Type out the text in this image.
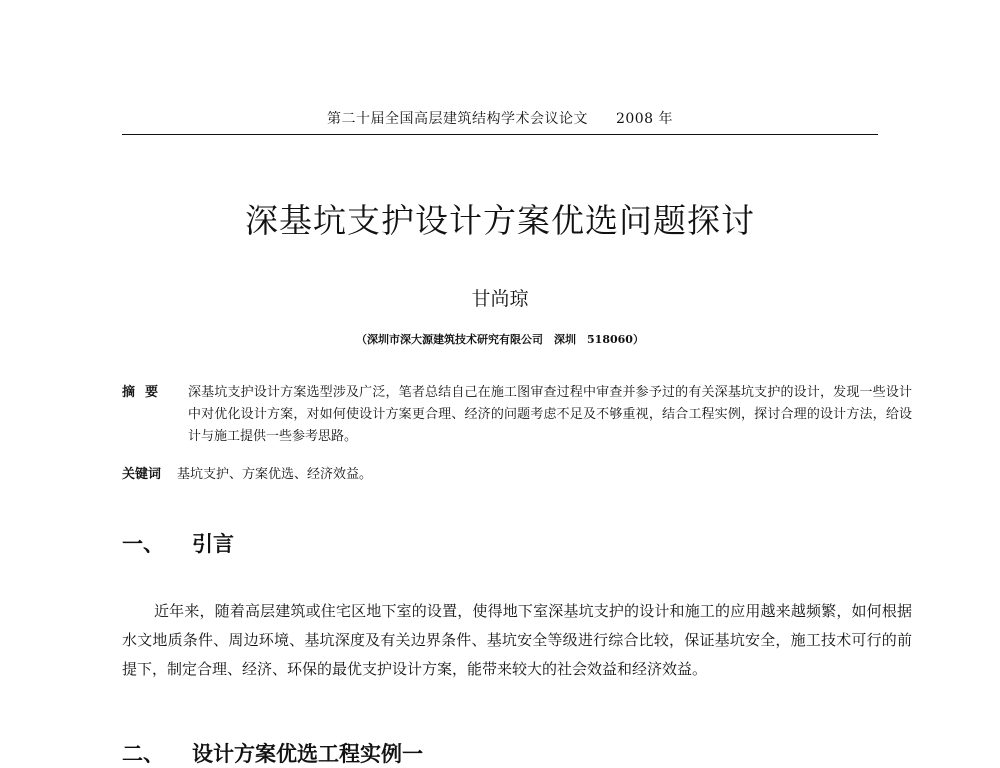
第二十届全国高层建筑结构学术会议论文 2008 年
深基坑支护设计方案优选问题探讨
甘尚琼
（深圳市深大源建筑技术研究有限公司　深圳　518060）
摘要 深基坑支护设计方案选型涉及广泛，笔者总结自己在施工图审查过程中审查并参予过的有关深基坑支护的设计，发现一些设计中对优化设计方案，对如何使设计方案更合理、经济的问题考虑不足及不够重视，结合工程实例，探讨合理的设计方法，给设计与施工提供一些参考思路。
关键词 基坑支护、方案优选、经济效益。
一、 引言
近年来，随着高层建筑或住宅区地下室的设置，使得地下室深基坑支护的设计和施工的应用越来越频繁，如何根据水文地质条件、周边环境、基坑深度及有关边界条件、基坑安全等级进行综合比较，保证基坑安全，施工技术可行的前提下，制定合理、经济、环保的最优支护设计方案，能带来较大的社会效益和经济效益。
二、 设计方案优选工程实例一
